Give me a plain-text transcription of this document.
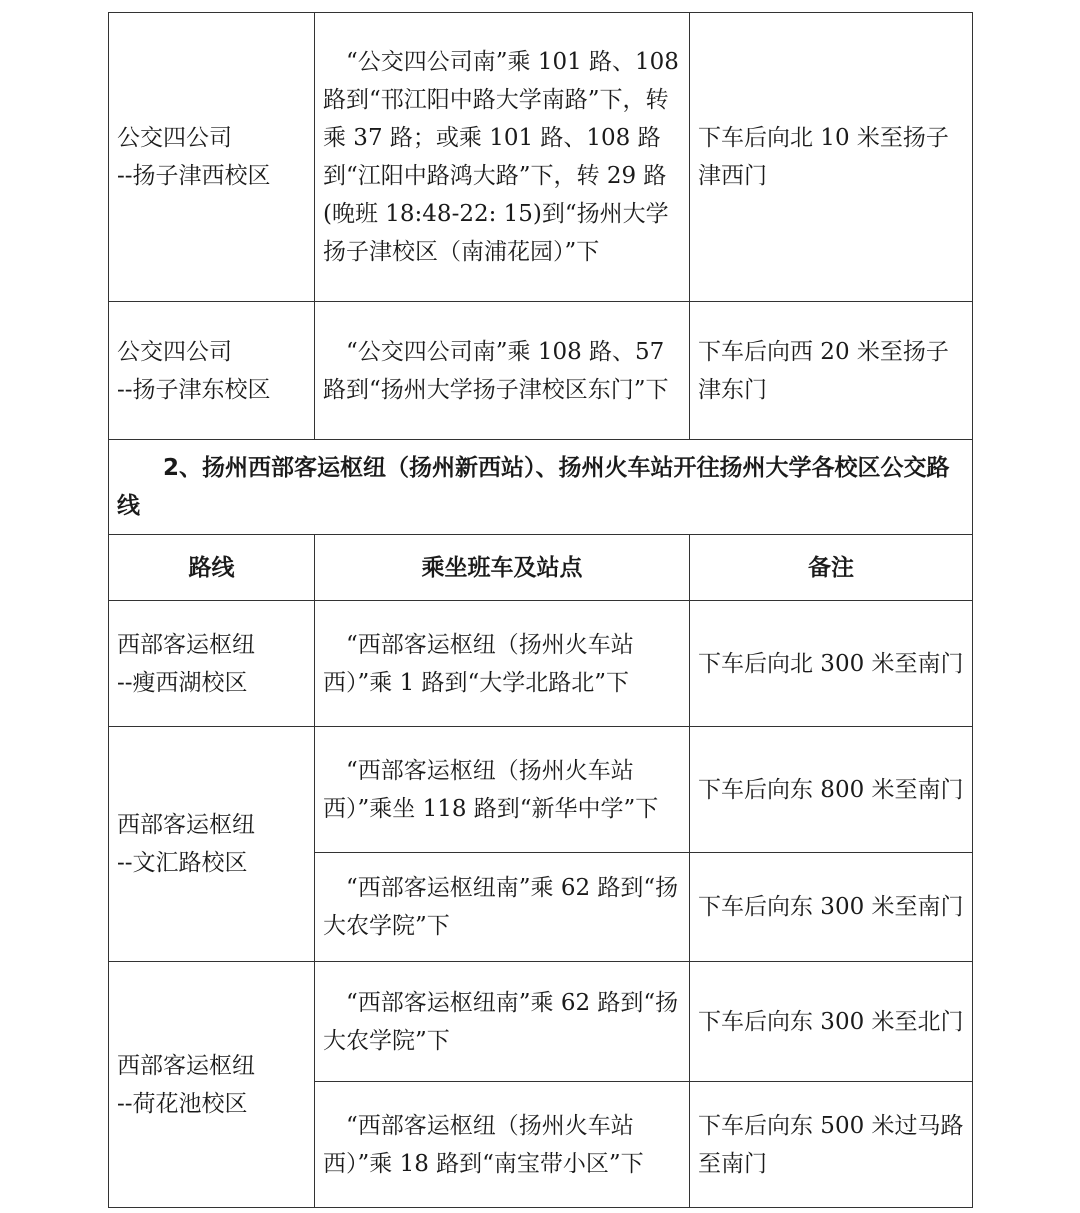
公交四公司
--扬子津西校区	“公交四公司南”乘 101 路、108 路到“邗江阳中路大学南路”下，转乘 37 路；或乘 101 路、108 路到“江阳中路鸿大路”下，转 29 路 (晚班 18:48-22: 15)到“扬州大学扬子津校区（南浦花园）”下	下车后向北 10 米至扬子津西门

公交四公司
--扬子津东校区	“公交四公司南”乘 108 路、57 路到“扬州大学扬子津校区东门”下	下车后向西 20 米至扬子津东门
2、扬州西部客运枢纽（扬州新西站）、扬州火车站开往扬州大学各校区公交路线		
路线	乘坐班车及站点	备注

西部客运枢纽
--瘦西湖校区	“西部客运枢纽（扬州火车站西）”乘 1 路到“大学北路北”下	下车后向北 300 米至南门

西部客运枢纽
--文汇路校区	“西部客运枢纽（扬州火车站西）”乘坐 118 路到“新华中学”下	下车后向东 800 米至南门
	“西部客运枢纽南”乘 62 路到“扬大农学院”下	下车后向东 300 米至南门

西部客运枢纽
--荷花池校区	“西部客运枢纽南”乘 62 路到“扬大农学院”下	下车后向东 300 米至北门
	“西部客运枢纽（扬州火车站西）”乘 18 路到“南宝带小区”下	下车后向东 500 米过马路至南门
